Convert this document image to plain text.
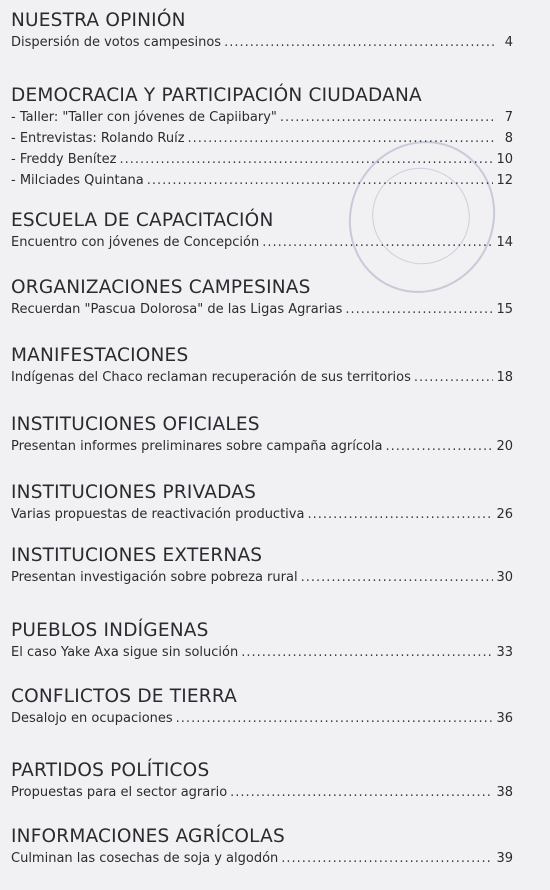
NUESTRA OPINIÓN
Dispersión de votos campesinos .....	4
DEMOCRACIA Y PARTICIPACIÓN CIUDADANA
- Taller: "Taller con jóvenes de Capiibary" .....	7
- Entrevistas: Rolando Ruíz .....	8
- Freddy Benítez .....	10
- Milciades Quintana .....	12
ESCUELA DE CAPACITACIÓN
Encuentro con jóvenes de Concepción .....	14
ORGANIZACIONES CAMPESINAS
Recuerdan "Pascua Dolorosa" de las Ligas Agrarias .....	15
MANIFESTACIONES
Indígenas del Chaco reclaman recuperación de sus territorios .....	18
INSTITUCIONES OFICIALES
Presentan informes preliminares sobre campaña agrícola .....	20
INSTITUCIONES PRIVADAS
Varias propuestas de reactivación productiva .....	26
INSTITUCIONES EXTERNAS
Presentan investigación sobre pobreza rural .....	30
PUEBLOS INDÍGENAS
El caso Yake Axa sigue sin solución .....	33
CONFLICTOS DE TIERRA
Desalojo en ocupaciones .....	36
PARTIDOS POLÍTICOS
Propuestas para el sector agrario .....	38
INFORMACIONES AGRÍCOLAS
Culminan las cosechas de soja y algodón .....	39
